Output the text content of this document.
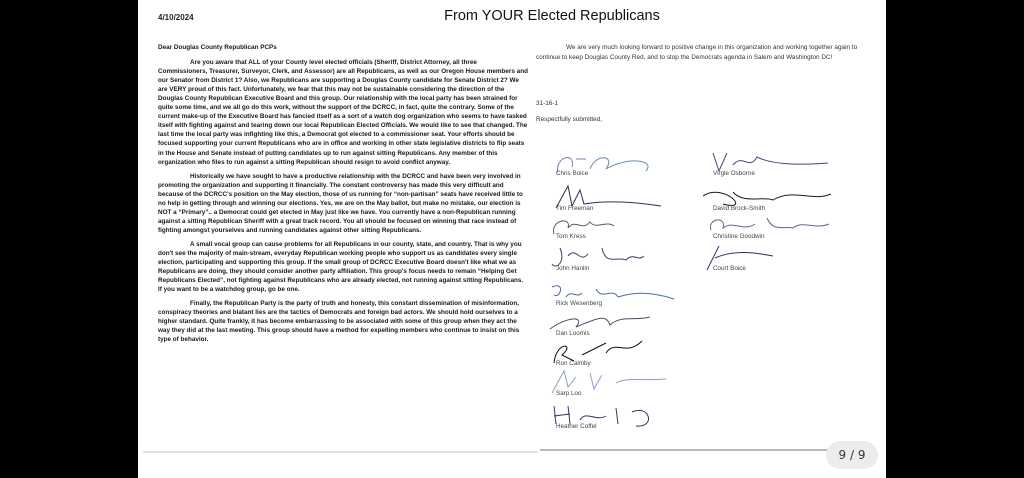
4/10/2024	From YOUR Elected Republicans

Dear Douglas County Republican PCPs

Are you aware that ALL of your County level elected officials (Sheriff, District Attorney, all three Commissioners, Treasurer, Surveyor, Clerk, and Assessor) are all Republicans, as well as our Oregon House members and our Senator from District 1? Also, we Republicans are supporting a Douglas County candidate for Senate District 2? We are VERY proud of this fact. Unfortunately, we fear that this may not be sustainable considering the direction of the Douglas County Republican Executive Board and this group. Our relationship with the local party has been strained for quite some time, and we all go do this work, without the support of the DCRCC, in fact, quite the contrary. Some of the current make-up of the Executive Board has fancied itself as a sort of a watch dog organization who seems to have tasked itself with fighting against and tearing down our local Republican Elected Officials. We would like to see that changed. The last time the local party was infighting like this, a Democrat got elected to a commissioner seat. Your efforts should be focused supporting your current Republicans who are in office and working in other state legislative districts to flip seats in the House and Senate instead of putting candidates up to run against sitting Republicans. Any member of this organization who files to run against a sitting Republican should resign to avoid conflict anyway.

Historically we have sought to have a productive relationship with the DCRCC and have been very involved in promoting the organization and supporting it financially. The constant controversy has made this very difficult and because of the DCRCC's position on the May election, those of us running for “non-partisan” seats have received little to no help in getting through and winning our elections. Yes, we are on the May ballot, but make no mistake, our election is NOT a “Primary”.. a Democrat could get elected in May just like we have. You currently have a non-Republican running against a sitting Republican Sheriff with a great track record. You all should be focused on winning that race instead of fighting amongst yourselves and running candidates against other sitting Republicans.

A small vocal group can cause problems for all Republicans in our county, state, and country. That is why you don't see the majority of main-stream, everyday Republican working people who support us as candidates every single election, participating and supporting this group. If the small group of DCRCC Executive Board doesn't like what we as Republicans are doing, they should consider another party affiliation. This group's focus needs to remain “Helping Get Republicans Elected”, not fighting against Republicans who are already elected, not running against sitting Republicans. If you want to be a watchdog group, go be one.

Finally, the Republican Party is the party of truth and honesty, this constant dissemination of misinformation, conspiracy theories and blatant lies are the tactics of Democrats and foreign bad actors. We should hold ourselves to a higher standard. Quite frankly, it has become embarrassing to be associated with some of this group when they act the way they did at the last meeting. This group should have a method for expelling members who continue to insist on this type of behavior.

We are very much looking forward to positive change in this organization and working together again to continue to keep Douglas County Red, and to stop the Democrats agenda in Salem and Washington DC!

31-16-1

Respectfully submitted,

Chris Boice
Tim Freeman
Tom Kress
John Hanlin
Rick Wesenberg
Dan Loomis
Ron Calmby
Sarp Loo
Heather Coffel
Virgle Osborne
David Brock-Smith
Christine Goodwin
Court Boice
9 / 9
